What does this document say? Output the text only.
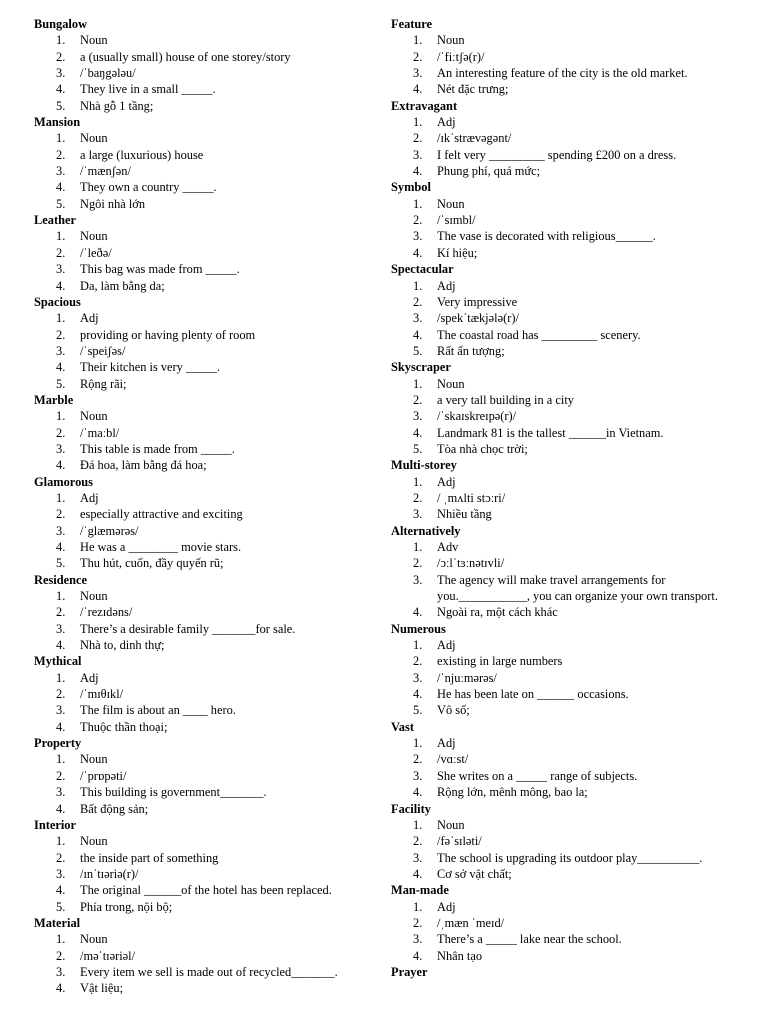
Bungalow
1.	Noun
2.	a (usually small) house of one storey/story
3.	/ˈbaŋgələu/
4.	They live in a small _____.
5.	Nhà gỗ 1 tầng;
Mansion
1.	Noun
2.	a large (luxurious) house
3.	/ˈmænʃən/
4.	They own a country _____.
5.	Ngôi nhà lớn
Leather
1.	Noun
2.	/ˈleðə/
3.	This bag was made from _____.
4.	Da, làm bằng da;
Spacious
1.	Adj
2.	providing or having plenty of room
3.	/ˈspeiʃəs/
4.	Their kitchen is very _____.
5.	Rộng rãi;
Marble
1.	Noun
2.	/ˈmaːbl/
3.	This table is made from _____.
4.	Đá hoa, làm bằng đá hoa;
Glamorous
1.	Adj
2.	especially attractive and exciting
3.	/ˈglæmərəs/
4.	He was a ________ movie stars.
5.	Thu hút, cuốn, đầy quyến rũ;
Residence
1.	Noun
2.	/ˈrezɪdəns/
3.	There’s a desirable family _______for sale.
4.	Nhà to, dinh thự;
Mythical
1.	Adj
2.	/ˈmɪθɪkl/
3.	The film is about an ____ hero.
4.	Thuộc thần thoại;
Property
1.	Noun
2.	/ˈprɒpəti/
3.	This building is government_______.
4.	Bất động sản;
Interior
1.	Noun
2.	the inside part of something
3.	/ɪnˈtɪəriə(r)/
4.	The original ______of the hotel has been replaced.
5.	Phía trong, nội bộ;
Material
1.	Noun
2.	/məˈtɪəriəl/
3.	Every item we sell is made out of recycled_______.
4.	Vật liệu;
Feature
1.	Noun
2.	/ˈfiːtʃə(r)/
3.	An interesting feature of the city is the old market.
4.	Nét đặc trưng;
Extravagant
1.	Adj
2.	/ɪkˈstrævəgənt/
3.	I felt very _________ spending £200 on a dress.
4.	Phung phí, quá mức;
Symbol
1.	Noun
2.	/ˈsɪmbl/
3.	The vase is decorated with religious______.
4.	Kí hiệu;
Spectacular
1.	Adj
2.	Very impressive
3.	/spekˈtækjələ(r)/
4.	The coastal road has _________ scenery.
5.	Rất ấn tượng;
Skyscraper
1.	Noun
2.	a very tall building in a city
3.	/ˈskaɪskreɪpə(r)/
4.	Landmark 81 is the tallest ______in Vietnam.
5.	Tòa nhà chọc trời;
Multi-storey
1.	Adj
2.	/ ˌmʌlti stɔːri/
3.	Nhiều tầng
Alternatively
1.	Adv
2.	/ɔːlˈtɜːnətɪvli/
3.	The agency will make travel arrangements for you.___________, you can organize your own transport.
4.	Ngoài ra, một cách khác
Numerous
1.	Adj
2.	existing in large numbers
3.	/ˈnjuːmərəs/
4.	He has been late on ______ occasions.
5.	Vô số;
Vast
1.	Adj
2.	/vɑːst/
3.	She writes on a _____ range of subjects.
4.	Rộng lớn, mênh mông, bao la;
Facility
1.	Noun
2.	/fəˈsɪləti/
3.	The school is upgrading its outdoor play__________.
4.	Cơ sở vật chất;
Man-made
1.	Adj
2.	/ˌmæn ˈmeɪd/
3.	There’s a _____ lake near the school.
4.	Nhân tạo
Prayer
